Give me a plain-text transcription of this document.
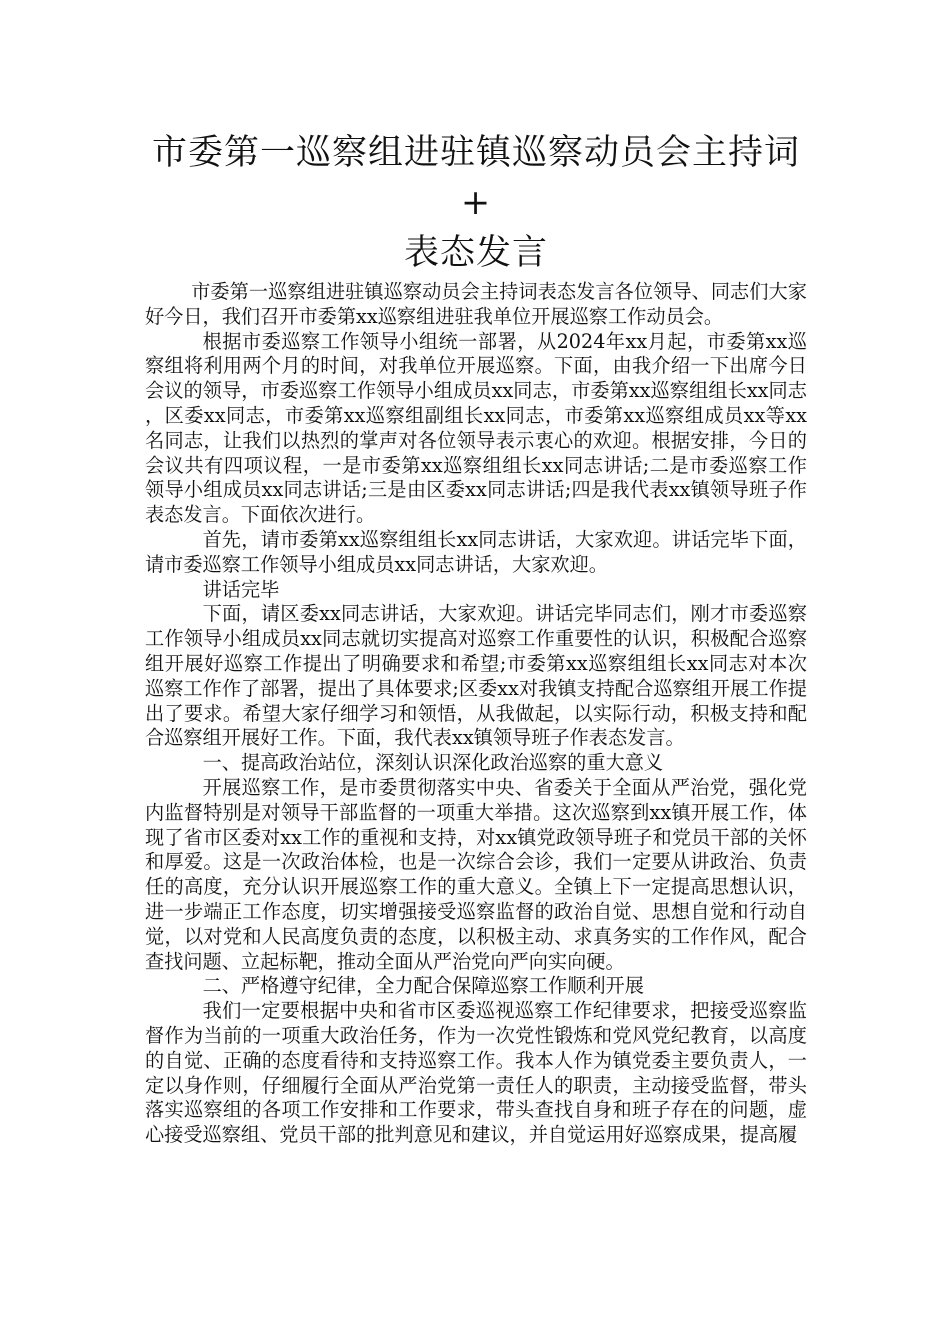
市委第一巡察组进驻镇巡察动员会主持词+
表态发言

市委第一巡察组进驻镇巡察动员会主持词表态发言各位领导、同志们大家好今日，我们召开市委第xx巡察组进驻我单位开展巡察工作动员会。

根据市委巡察工作领导小组统一部署，从2024年xx月起，市委第xx巡察组将利用两个月的时间，对我单位开展巡察。下面，由我介绍一下出席今日会议的领导，市委巡察工作领导小组成员xx同志，市委第xx巡察组组长xx同志，区委xx同志，市委第xx巡察组副组长xx同志，市委第xx巡察组成员xx等xx名同志，让我们以热烈的掌声对各位领导表示衷心的欢迎。根据安排，今日的会议共有四项议程，一是市委第xx巡察组组长xx同志讲话;二是市委巡察工作领导小组成员xx同志讲话;三是由区委xx同志讲话;四是我代表xx镇领导班子作表态发言。下面依次进行。

首先，请市委第xx巡察组组长xx同志讲话，大家欢迎。讲话完毕下面，请市委巡察工作领导小组成员xx同志讲话，大家欢迎。

讲话完毕

下面，请区委xx同志讲话，大家欢迎。讲话完毕同志们，刚才市委巡察工作领导小组成员xx同志就切实提高对巡察工作重要性的认识，积极配合巡察组开展好巡察工作提出了明确要求和希望;市委第xx巡察组组长xx同志对本次巡察工作作了部署，提出了具体要求;区委xx对我镇支持配合巡察组开展工作提出了要求。希望大家仔细学习和领悟，从我做起，以实际行动，积极支持和配合巡察组开展好工作。下面，我代表xx镇领导班子作表态发言。

一、提高政治站位，深刻认识深化政治巡察的重大意义

开展巡察工作，是市委贯彻落实中央、省委关于全面从严治党，强化党内监督特别是对领导干部监督的一项重大举措。这次巡察到xx镇开展工作，体现了省市区委对xx工作的重视和支持，对xx镇党政领导班子和党员干部的关怀和厚爱。这是一次政治体检，也是一次综合会诊，我们一定要从讲政治、负责任的高度，充分认识开展巡察工作的重大意义。全镇上下一定提高思想认识，进一步端正工作态度，切实增强接受巡察监督的政治自觉、思想自觉和行动自觉，以对党和人民高度负责的态度，以积极主动、求真务实的工作作风，配合查找问题、立起标靶，推动全面从严治党向严向实向硬。

二、严格遵守纪律，全力配合保障巡察工作顺利开展

我们一定要根据中央和省市区委巡视巡察工作纪律要求，把接受巡察监督作为当前的一项重大政治任务，作为一次党性锻炼和党风党纪教育，以高度的自觉、正确的态度看待和支持巡察工作。我本人作为镇党委主要负责人，一定以身作则，仔细履行全面从严治党第一责任人的职责，主动接受监督，带头落实巡察组的各项工作安排和工作要求，带头查找自身和班子存在的问题，虚心接受巡察组、党员干部的批判意见和建议，并自觉运用好巡察成果，提高履
